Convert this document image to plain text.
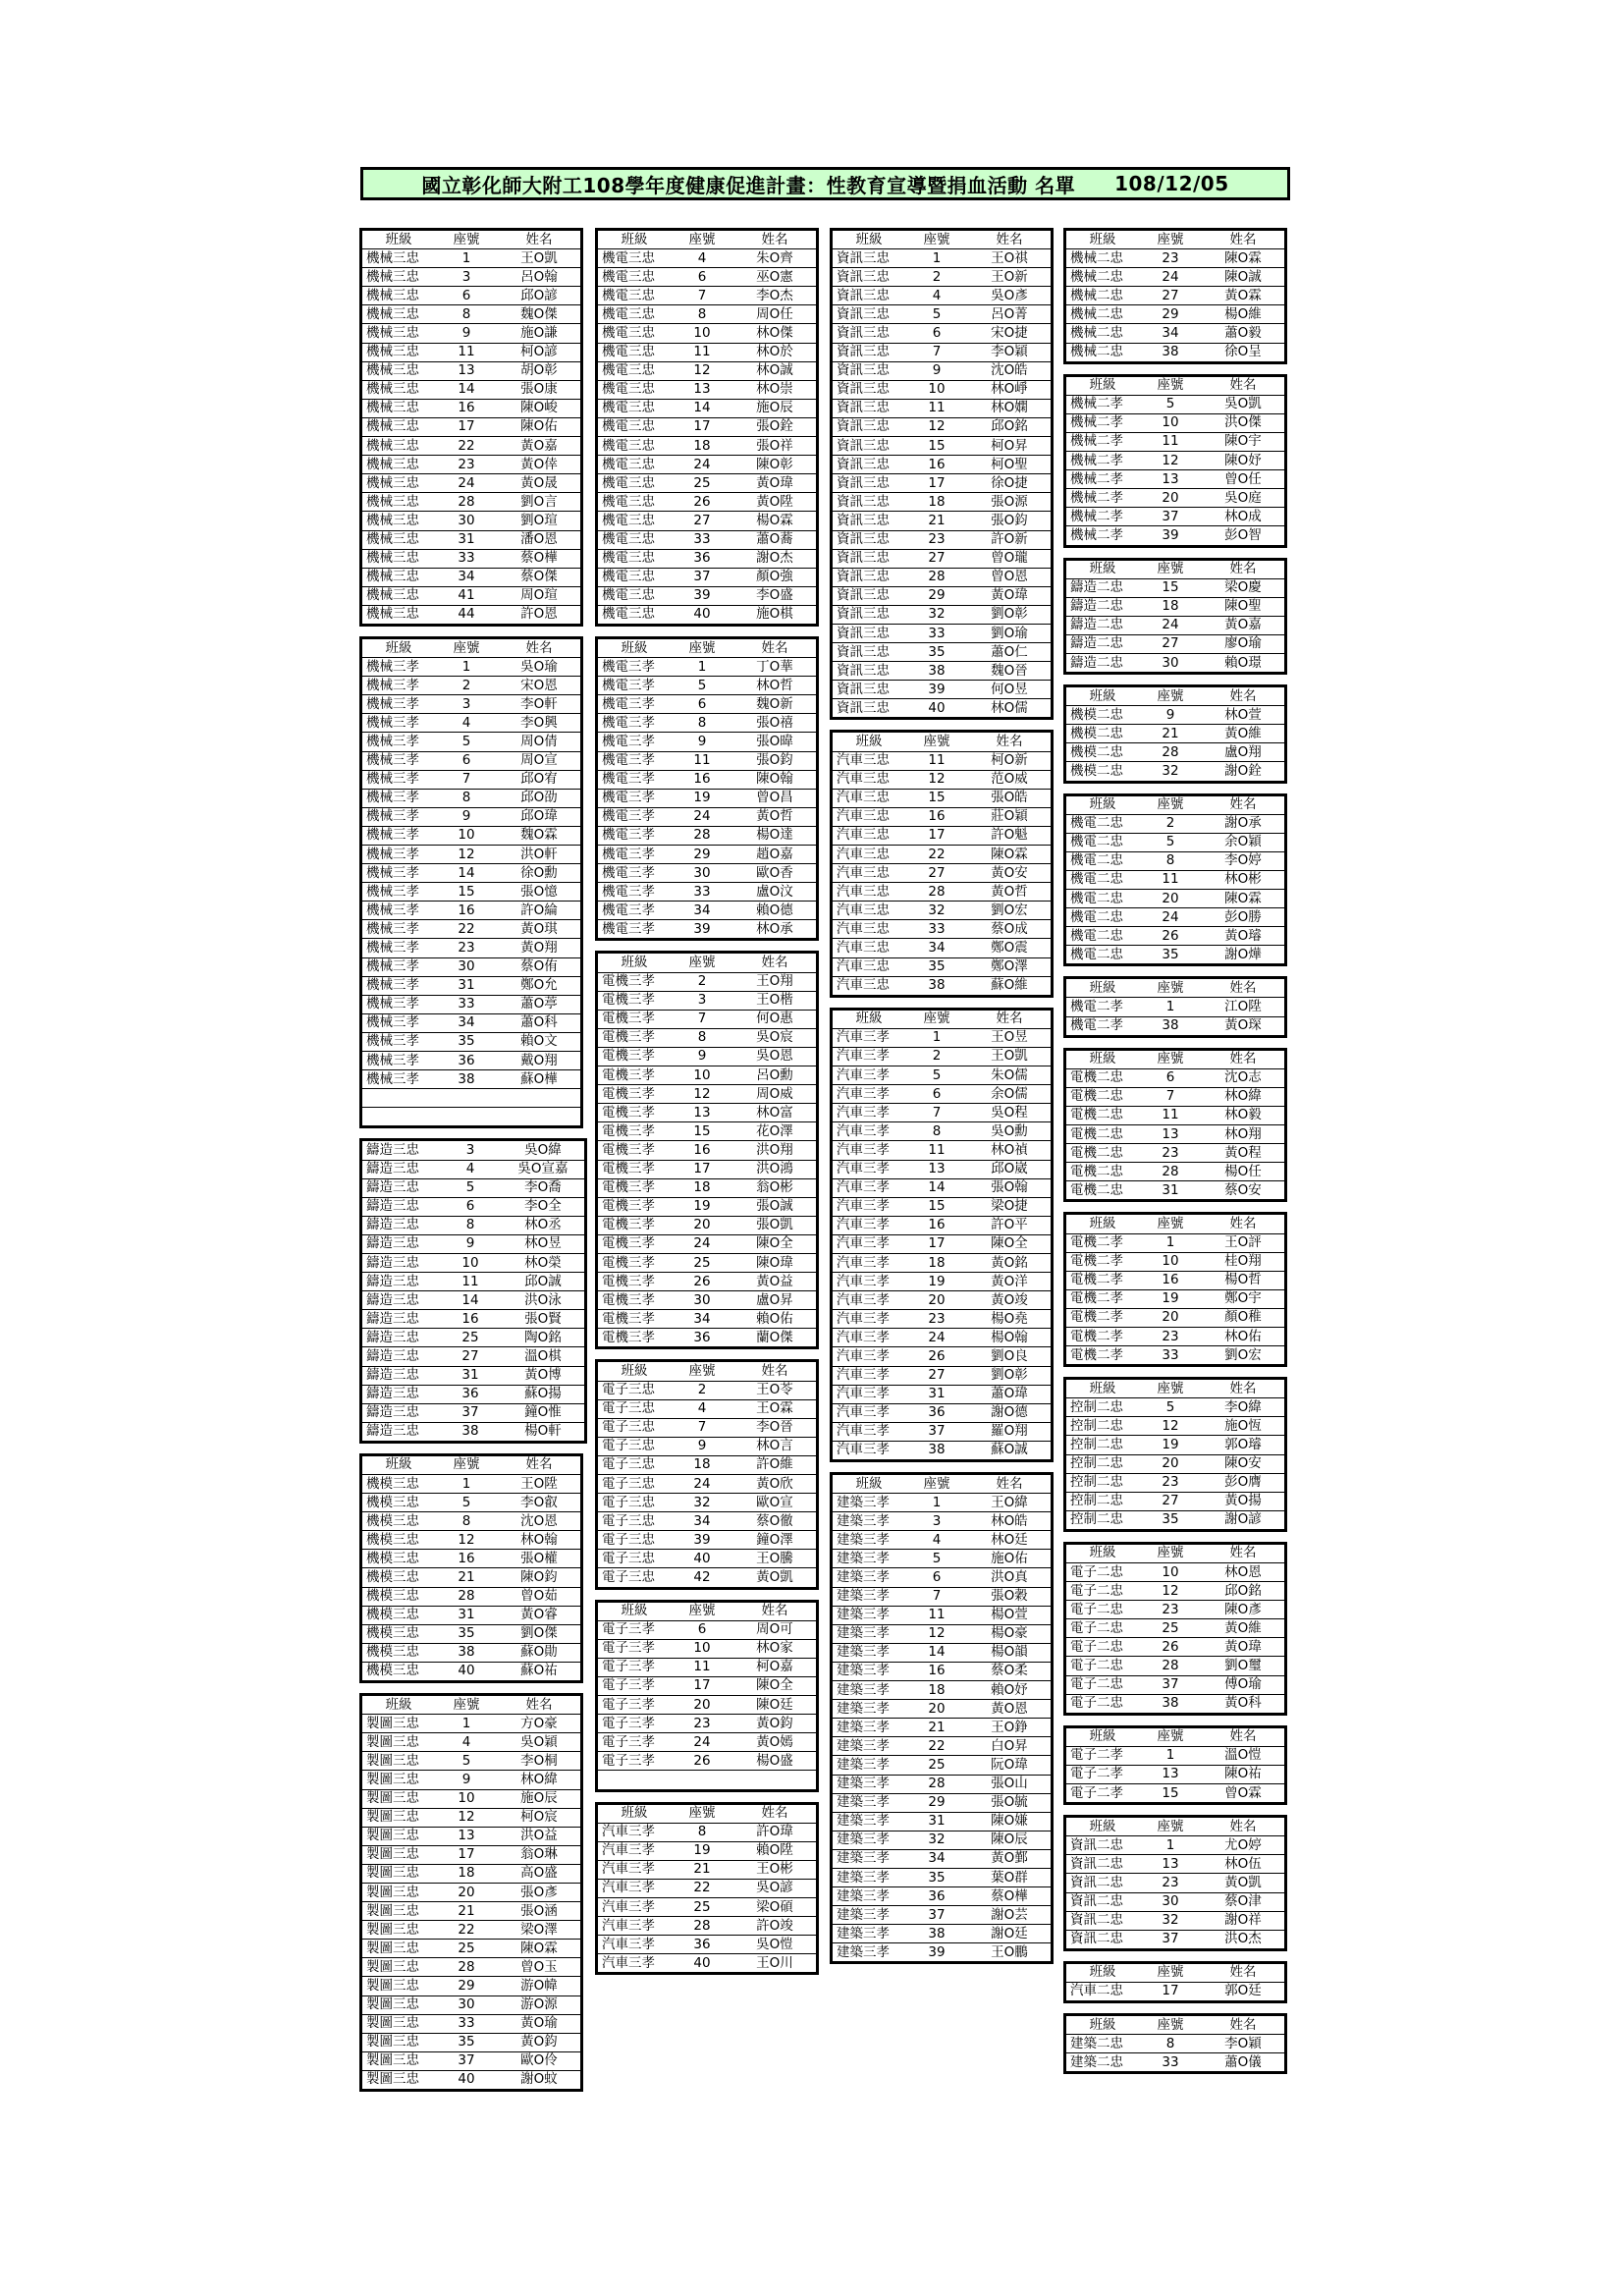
國立彰化師大附工108學年度健康促進計畫：性教育宣導暨捐血活動 名單 108/12/05
班級	座號	姓名
機械三忠	1	王O凱
機械三忠	3	呂O翰
機械三忠	6	邱O諺
機械三忠	8	魏O傑
機械三忠	9	施O謙
機械三忠	11	柯O諺
機械三忠	13	胡O彰
機械三忠	14	張O康
機械三忠	16	陳O峻
機械三忠	17	陳O佑
機械三忠	22	黃O嘉
機械三忠	23	黃O倖
機械三忠	24	黃O晟
機械三忠	28	劉O言
機械三忠	30	劉O瑄
機械三忠	31	潘O恩
機械三忠	33	蔡O樺
機械三忠	34	蔡O傑
機械三忠	41	周O瑄
機械三忠	44	許O恩
班級	座號	姓名
機械三孝	1	吳O瑜
機械三孝	2	宋O恩
機械三孝	3	李O軒
機械三孝	4	李O興
機械三孝	5	周O倩
機械三孝	6	周O宣
機械三孝	7	邱O宥
機械三孝	8	邱O劭
機械三孝	9	邱O瑋
機械三孝	10	魏O霖
機械三孝	12	洪O軒
機械三孝	14	徐O勳
機械三孝	15	張O憶
機械三孝	16	許O綸
機械三孝	22	黃O琪
機械三孝	23	黃O翔
機械三孝	30	蔡O侑
機械三孝	31	鄭O允
機械三孝	33	蕭O葶
機械三孝	34	蕭O科
機械三孝	35	賴O文
機械三孝	36	戴O翔
機械三孝	38	蘇O樺

鑄造三忠	3	吳O緯
鑄造三忠	4	吳O宣嘉
鑄造三忠	5	李O喬
鑄造三忠	6	李O全
鑄造三忠	8	林O丞
鑄造三忠	9	林O昱
鑄造三忠	10	林O榮
鑄造三忠	11	邱O誠
鑄造三忠	14	洪O泳
鑄造三忠	16	張O賢
鑄造三忠	25	陶O銘
鑄造三忠	27	溫O棋
鑄造三忠	31	黃O博
鑄造三忠	36	蘇O揚
鑄造三忠	37	鐘O惟
鑄造三忠	38	楊O軒
班級	座號	姓名
機模三忠	1	王O陞
機模三忠	5	李O叡
機模三忠	8	沈O恩
機模三忠	12	林O翰
機模三忠	16	張O權
機模三忠	21	陳O鈞
機模三忠	28	曾O茹
機模三忠	31	黃O睿
機模三忠	35	劉O傑
機模三忠	38	蘇O勛
機模三忠	40	蘇O祐
班級	座號	姓名
製圖三忠	1	方O豪
製圖三忠	4	吳O穎
製圖三忠	5	李O桐
製圖三忠	9	林O緯
製圖三忠	10	施O辰
製圖三忠	12	柯O宸
製圖三忠	13	洪O益
製圖三忠	17	翁O琳
製圖三忠	18	高O盛
製圖三忠	20	張O彥
製圖三忠	21	張O涵
製圖三忠	22	梁O澤
製圖三忠	25	陳O霖
製圖三忠	28	曾O玉
製圖三忠	29	游O幃
製圖三忠	30	游O源
製圖三忠	33	黃O瑜
製圖三忠	35	黃O鈞
製圖三忠	37	歐O伶
製圖三忠	40	謝O蚊
班級	座號	姓名
機電三忠	4	朱O齊
機電三忠	6	巫O憲
機電三忠	7	李O杰
機電三忠	8	周O任
機電三忠	10	林O傑
機電三忠	11	林O於
機電三忠	12	林O誠
機電三忠	13	林O崇
機電三忠	14	施O辰
機電三忠	17	張O銓
機電三忠	18	張O祥
機電三忠	24	陳O彰
機電三忠	25	黃O瑋
機電三忠	26	黃O陞
機電三忠	27	楊O霖
機電三忠	33	蕭O蕎
機電三忠	36	謝O杰
機電三忠	37	顏O強
機電三忠	39	李O盛
機電三忠	40	施O棋
班級	座號	姓名
機電三孝	1	丁O華
機電三孝	5	林O哲
機電三孝	6	魏O新
機電三孝	8	張O禧
機電三孝	9	張O暐
機電三孝	11	張O鈞
機電三孝	16	陳O翰
機電三孝	19	曾O昌
機電三孝	24	黃O哲
機電三孝	28	楊O達
機電三孝	29	趙O嘉
機電三孝	30	歐O香
機電三孝	33	盧O汶
機電三孝	34	賴O德
機電三孝	39	林O承
班級	座號	姓名
電機三孝	2	王O翔
電機三孝	3	王O楷
電機三孝	7	何O惠
電機三孝	8	吳O宸
電機三孝	9	吳O恩
電機三孝	10	呂O勳
電機三孝	12	周O威
電機三孝	13	林O富
電機三孝	15	花O澤
電機三孝	16	洪O翔
電機三孝	17	洪O鴻
電機三孝	18	翁O彬
電機三孝	19	張O誠
電機三孝	20	張O凱
電機三孝	24	陳O全
電機三孝	25	陳O瑋
電機三孝	26	黃O益
電機三孝	30	盧O昇
電機三孝	34	賴O佑
電機三孝	36	蘭O傑
班級	座號	姓名
電子三忠	2	王O苓
電子三忠	4	王O霖
電子三忠	7	李O晉
電子三忠	9	林O言
電子三忠	18	許O維
電子三忠	24	黃O欣
電子三忠	32	歐O宣
電子三忠	34	蔡O徹
電子三忠	39	鐘O澤
電子三忠	40	王O騰
電子三忠	42	黃O凱
班級	座號	姓名
電子三孝	6	周O可
電子三孝	10	林O家
電子三孝	11	柯O嘉
電子三孝	17	陳O全
電子三孝	20	陳O廷
電子三孝	23	黃O鈞
電子三孝	24	黃O嫣
電子三孝	26	楊O盛

班級	座號	姓名
汽車三孝	8	許O瑋
汽車三孝	19	賴O陞
汽車三孝	21	王O彬
汽車三孝	22	吳O諺
汽車三孝	25	梁O碩
汽車三孝	28	許O竣
汽車三孝	36	吳O愷
汽車三孝	40	王O川
班級	座號	姓名
資訊三忠	1	王O祺
資訊三忠	2	王O新
資訊三忠	4	吳O彥
資訊三忠	5	呂O菁
資訊三忠	6	宋O捷
資訊三忠	7	李O穎
資訊三忠	9	沈O皓
資訊三忠	10	林O崢
資訊三忠	11	林O嫻
資訊三忠	12	邱O銘
資訊三忠	15	柯O昇
資訊三忠	16	柯O聖
資訊三忠	17	徐O捷
資訊三忠	18	張O源
資訊三忠	21	張O鈞
資訊三忠	23	許O新
資訊三忠	27	曾O瓏
資訊三忠	28	曾O恩
資訊三忠	29	黃O瑋
資訊三忠	32	劉O彰
資訊三忠	33	劉O瑜
資訊三忠	35	蕭O仁
資訊三忠	38	魏O晉
資訊三忠	39	何O昱
資訊三忠	40	林O儒
班級	座號	姓名
汽車三忠	11	柯O新
汽車三忠	12	范O威
汽車三忠	15	張O皓
汽車三忠	16	莊O穎
汽車三忠	17	許O魁
汽車三忠	22	陳O霖
汽車三忠	27	黃O安
汽車三忠	28	黃O哲
汽車三忠	32	劉O宏
汽車三忠	33	蔡O成
汽車三忠	34	鄭O震
汽車三忠	35	鄭O澤
汽車三忠	38	蘇O維
班級	座號	姓名
汽車三孝	1	王O昱
汽車三孝	2	王O凱
汽車三孝	5	朱O儒
汽車三孝	6	余O儒
汽車三孝	7	吳O程
汽車三孝	8	吳O勳
汽車三孝	11	林O禎
汽車三孝	13	邱O崴
汽車三孝	14	張O翰
汽車三孝	15	梁O捷
汽車三孝	16	許O平
汽車三孝	17	陳O全
汽車三孝	18	黃O銘
汽車三孝	19	黃O洋
汽車三孝	20	黃O竣
汽車三孝	23	楊O堯
汽車三孝	24	楊O翰
汽車三孝	26	劉O良
汽車三孝	27	劉O彰
汽車三孝	31	蕭O瑋
汽車三孝	36	謝O德
汽車三孝	37	羅O翔
汽車三孝	38	蘇O誠
班級	座號	姓名
建築三孝	1	王O緯
建築三孝	3	林O皓
建築三孝	4	林O廷
建築三孝	5	施O佑
建築三孝	6	洪O真
建築三孝	7	張O穀
建築三孝	11	楊O萱
建築三孝	12	楊O豪
建築三孝	14	楊O韻
建築三孝	16	蔡O柔
建築三孝	18	賴O妤
建築三孝	20	黃O恩
建築三孝	21	王O錚
建築三孝	22	白O昇
建築三孝	25	阮O瑋
建築三孝	28	張O山
建築三孝	29	張O毓
建築三孝	31	陳O嫌
建築三孝	32	陳O辰
建築三孝	34	黃O鄞
建築三孝	35	葉O群
建築三孝	36	蔡O樺
建築三孝	37	謝O芸
建築三孝	38	謝O廷
建築三孝	39	王O鵬
班級	座號	姓名
機械二忠	23	陳O霖
機械二忠	24	陳O誠
機械二忠	27	黃O霖
機械二忠	29	楊O維
機械二忠	34	蕭O毅
機械二忠	38	徐O呈
班級	座號	姓名
機械二孝	5	吳O凱
機械二孝	10	洪O傑
機械二孝	11	陳O宇
機械二孝	12	陳O妤
機械二孝	13	曾O任
機械二孝	20	吳O庭
機械二孝	37	林O成
機械二孝	39	彭O智
班級	座號	姓名
鑄造二忠	15	梁O慶
鑄造二忠	18	陳O聖
鑄造二忠	24	黃O嘉
鑄造二忠	27	廖O瑜
鑄造二忠	30	賴O璟
班級	座號	姓名
機模二忠	9	林O萱
機模二忠	21	黃O維
機模二忠	28	盧O翔
機模二忠	32	謝O銓
班級	座號	姓名
機電二忠	2	謝O承
機電二忠	5	余O穎
機電二忠	8	李O婷
機電二忠	11	林O彬
機電二忠	20	陳O霖
機電二忠	24	彭O勝
機電二忠	26	黃O璿
機電二忠	35	謝O燁
班級	座號	姓名
機電二孝	1	江O陞
機電二孝	38	黃O琛
班級	座號	姓名
電機二忠	6	沈O志
電機二忠	7	林O緯
電機二忠	11	林O毅
電機二忠	13	林O翔
電機二忠	23	黃O程
電機二忠	28	楊O任
電機二忠	31	蔡O安
班級	座號	姓名
電機二孝	1	王O評
電機二孝	10	桂O翔
電機二孝	16	楊O哲
電機二孝	19	鄭O宇
電機二孝	20	顏O稚
電機二孝	23	林O佑
電機二孝	33	劉O宏
班級	座號	姓名
控制二忠	5	李O緯
控制二忠	12	施O恆
控制二忠	19	郭O璿
控制二忠	20	陳O安
控制二忠	23	彭O膺
控制二忠	27	黃O揚
控制二忠	35	謝O諺
班級	座號	姓名
電子二忠	10	林O恩
電子二忠	12	邱O銘
電子二忠	23	陳O彥
電子二忠	25	黃O維
電子二忠	26	黃O瑋
電子二忠	28	劉O璽
電子二忠	37	傅O瑜
電子二忠	38	黃O科
班級	座號	姓名
電子二孝	1	溫O愷
電子二孝	13	陳O祐
電子二孝	15	曾O霖
班級	座號	姓名
資訊二忠	1	尤O婷
資訊二忠	13	林O伍
資訊二忠	23	黃O凱
資訊二忠	30	蔡O津
資訊二忠	32	謝O祥
資訊二忠	37	洪O杰
班級	座號	姓名
汽車二忠	17	郭O廷
班級	座號	姓名
建築二忠	8	李O穎
建築二忠	33	蕭O儀
